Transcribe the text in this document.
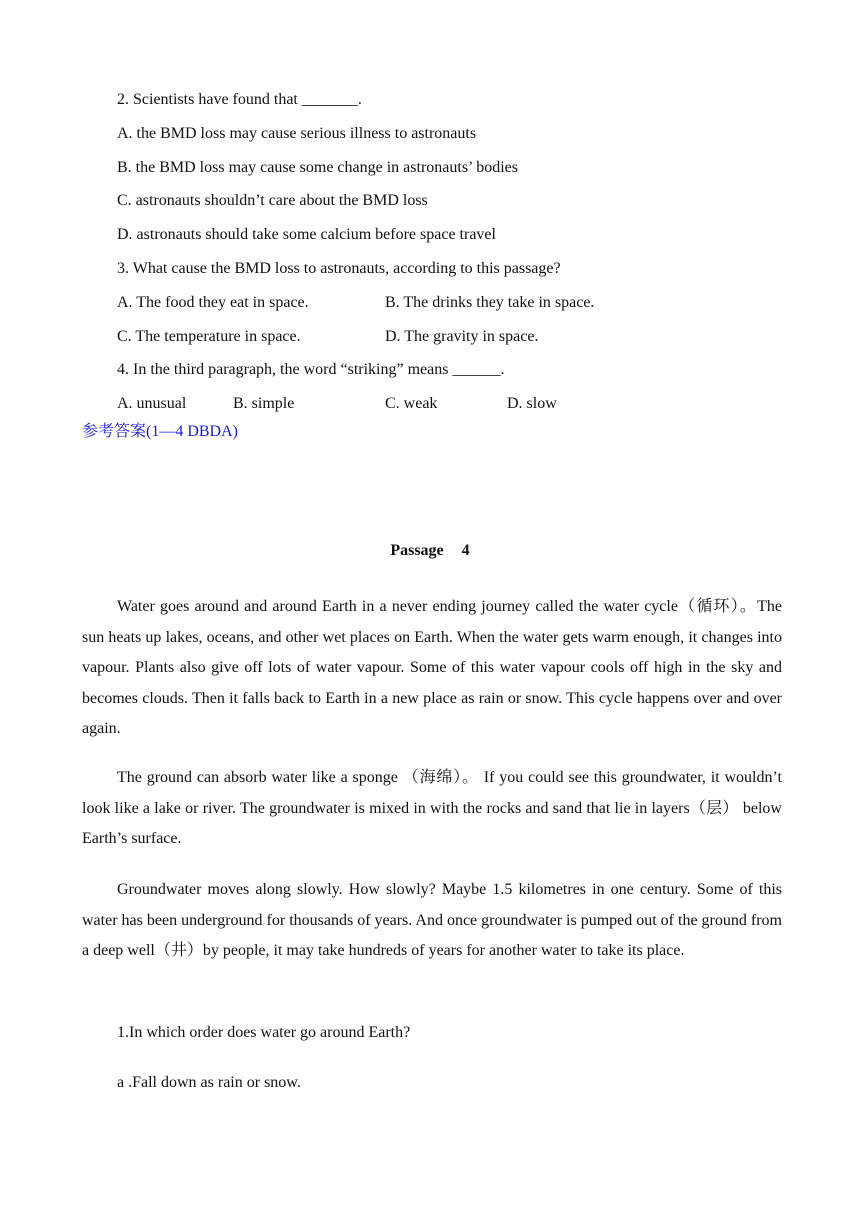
2. Scientists have found that _______.
A. the BMD loss may cause serious illness to astronauts
B. the BMD loss may cause some change in astronauts’ bodies
C. astronauts shouldn’t care about the BMD loss
D. astronauts should take some calcium before space travel
3. What cause the BMD loss to astronauts, according to this passage?
A. The food they eat in space.	B. The drinks they take in space.
C. The temperature in space.	D. The gravity in space.
4. In the third paragraph, the word “striking” means ______.
A. unusual	B. simple	C. weak	D. slow
参考答案(1—4 DBDA)
Passage 4

Water goes around and around Earth in a never ending journey called the water cycle（循环）。The sun heats up lakes, oceans, and other wet places on Earth. When the water gets warm enough, it changes into vapour. Plants also give off lots of water vapour. Some of this water vapour cools off high in the sky and becomes clouds. Then it falls back to Earth in a new place as rain or snow. This cycle happens over and over again.

The ground can absorb water like a sponge （海绵）。 If you could see this groundwater, it wouldn’t look like a lake or river. The groundwater is mixed in with the rocks and sand that lie in layers（层） below Earth’s surface.

Groundwater moves along slowly. How slowly? Maybe 1.5 kilometres in one century. Some of this water has been underground for thousands of years. And once groundwater is pumped out of the ground from a deep well（井）by people, it may take hundreds of years for another water to take its place.

1.In which order does water go around Earth?
a .Fall down as rain or snow.
